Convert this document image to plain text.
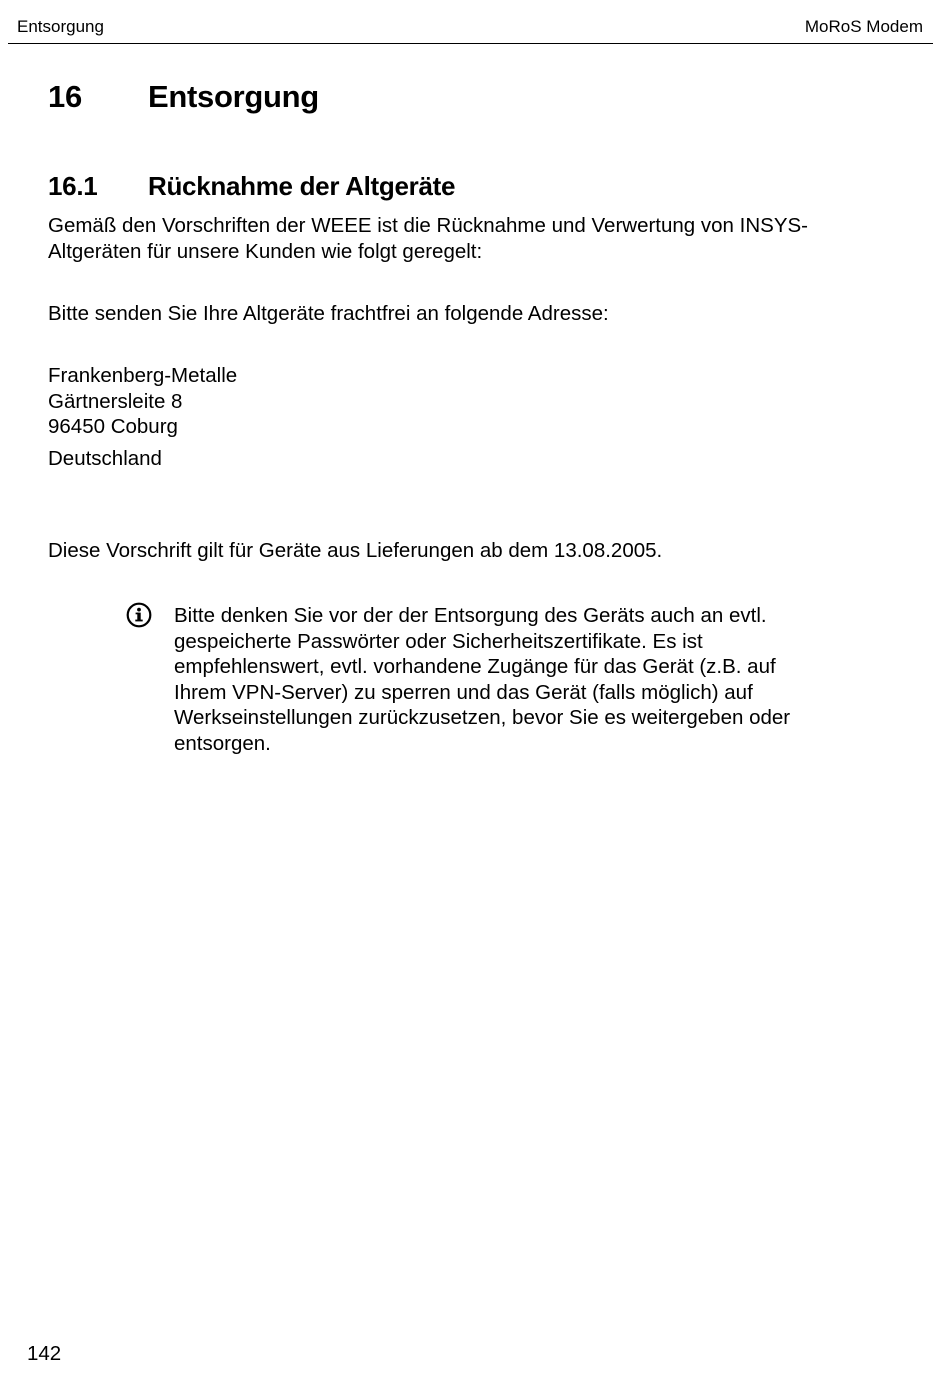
Entsorgung	MoRoS Modem
16 Entsorgung
16.1 Rücknahme der Altgeräte
Gemäß den Vorschriften der WEEE ist die Rücknahme und Verwertung von INSYS-
Altgeräten für unsere Kunden wie folgt geregelt:
Bitte senden Sie Ihre Altgeräte frachtfrei an folgende Adresse:
Frankenberg-Metalle
Gärtnersleite 8
96450 Coburg
Deutschland
Diese Vorschrift gilt für Geräte aus Lieferungen ab dem 13.08.2005.
Bitte denken Sie vor der der Entsorgung des Geräts auch an evtl.
gespeicherte Passwörter oder Sicherheitszertifikate. Es ist
empfehlenswert, evtl. vorhandene Zugänge für das Gerät (z.B. auf
Ihrem VPN-Server) zu sperren und das Gerät (falls möglich) auf
Werkseinstellungen zurückzusetzen, bevor Sie es weitergeben oder
entsorgen.
142
